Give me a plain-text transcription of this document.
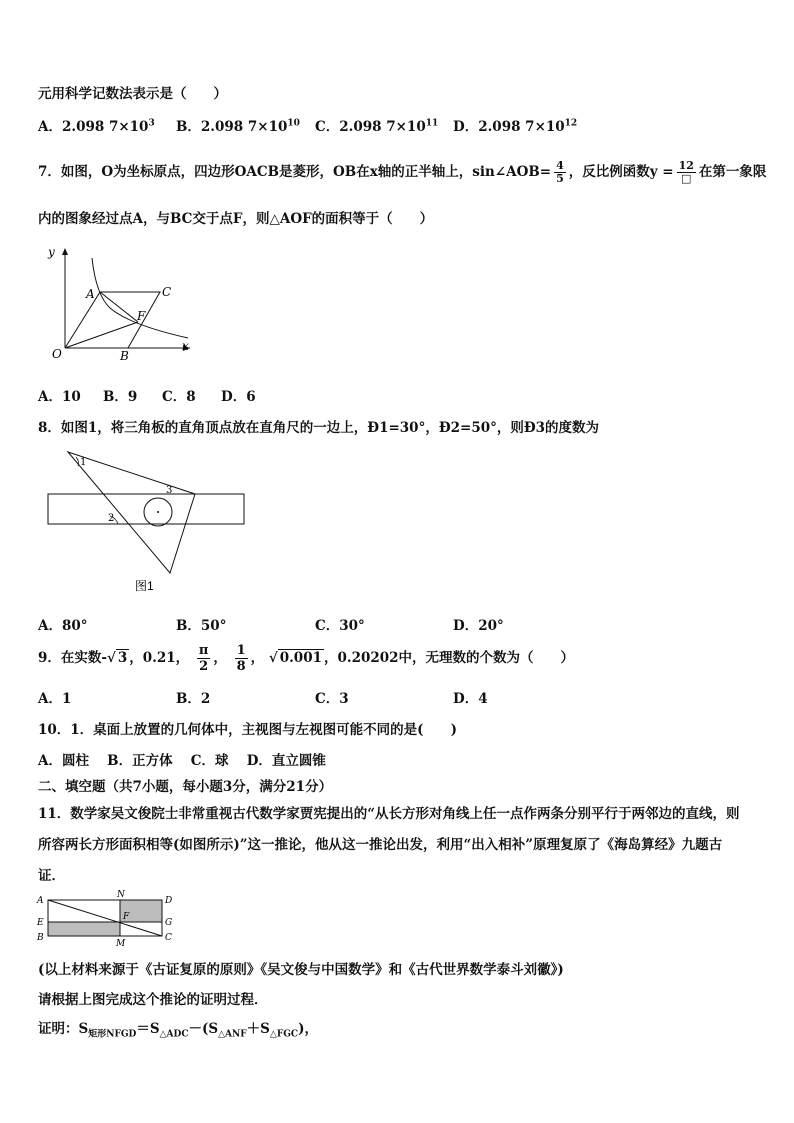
元用科学记数法表示是（　　）
A．2.098 $7\times 10^3$ B．2.098 $7\times 10^{10}$ C．2.098 $7\times 10^{11}$ D．2.098 $7\times 10^{12}$
7．如图，O为坐标原点，四边形OACB是菱形，OB在x轴的正半轴上，sin∠AOB= $\frac{4}{5}$ ，反比例函数$y = \frac{12}{□}$ 在第一象限
内的图象经过点A，与BC交于点F，则△AOF的面积等于（　　）
y
x
O
A	C
F
B
A．10 B．9 C．8 D．6
8．如图1，将三角板的直角顶点放在直角尺的一边上，Ð1=30°，Ð2=50°，则Ð3的度数为
1
2
3
图1
A．80°	B．50°	C．30°	D．20°
9．在实数-√ 3 ，0.21， $\frac{\pi}{2}$ ， $\frac{1}{8}$ ， √ 0.001 ，0.20202中，无理数的个数为（　　）
A．1	B．2	C．3	D．4
10．1．桌面上放置的几何体中，主视图与左视图可能不同的是(　　)
A．圆柱　 B．正方体　 C．球　 D．直立圆锥
二、填空题（共7小题，每小题3分，满分21分）
11．数学家吴文俊院士非常重视古代数学家贾宪提出的“从长方形对角线上任一点作两条分别平行于两邻边的直线，则
所容两长方形面积相等(如图所示)”这一推论，他从这一推论出发，利用“出入相补”原理复原了《海岛算经》九题古
证．
A
N
D
E
F
G
B
M
C
(以上材料来源于《古证复原的原则》《吴文俊与中国数学》和《古代世界数学泰斗刘徽》)
请根据上图完成这个推论的证明过程．
证明：$S_{矩形NFGD}=S_{\triangle ADC}-(S_{\triangle ANF}+S_{\triangle FGC})$，
